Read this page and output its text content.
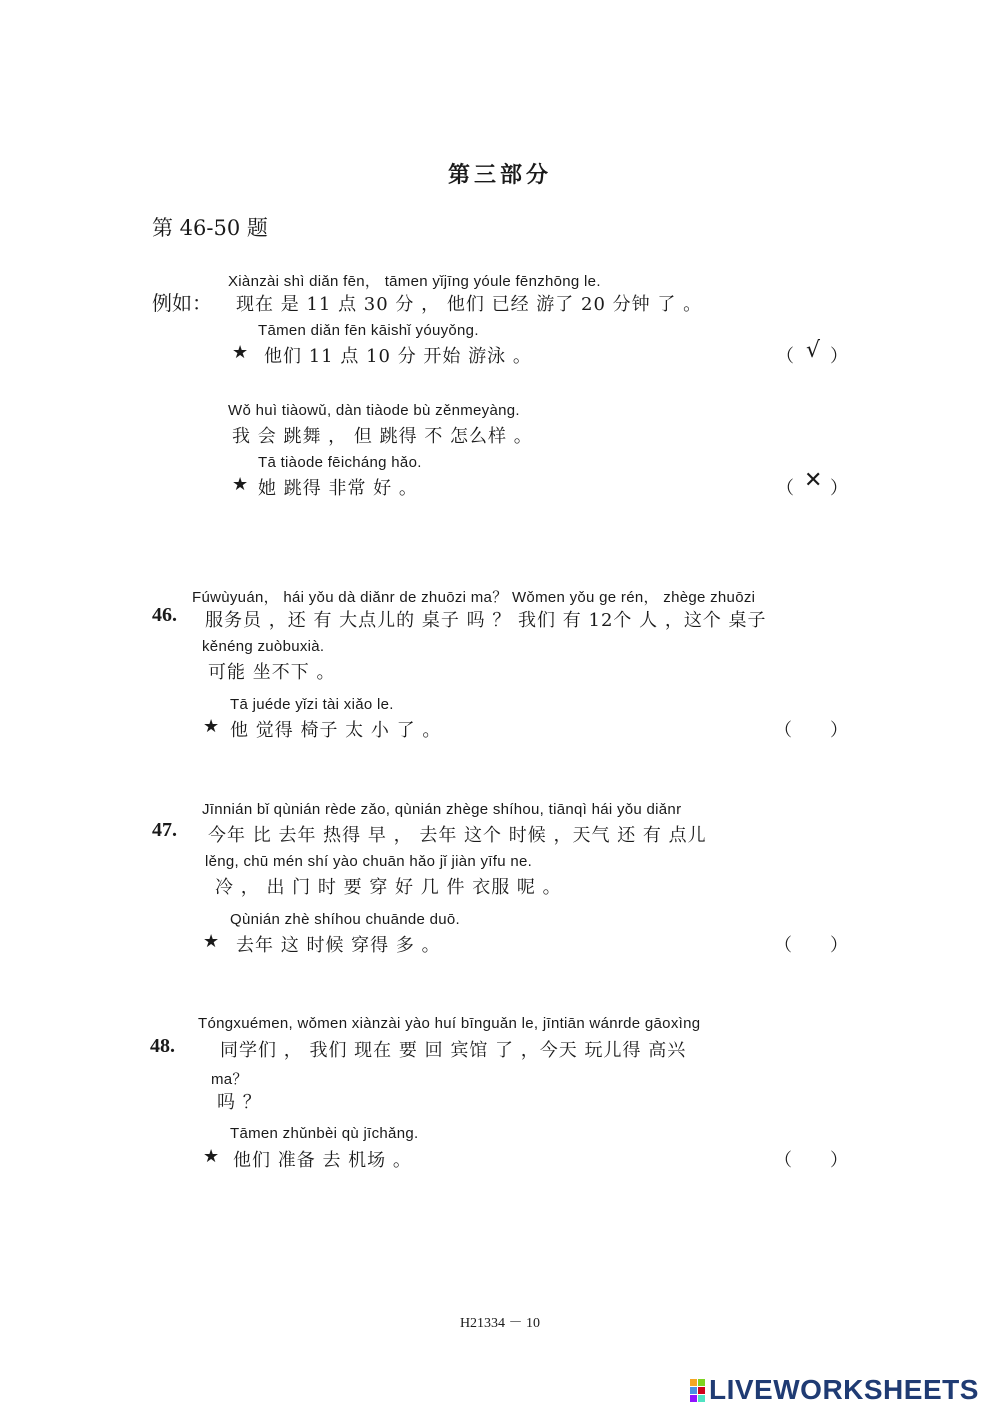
第三部分
第 46-50 题
Xiànzài shì diǎn fēn， tāmen yǐjīng yóule fēnzhōng le.
例如： 现在 是 11 点 30 分 ， 他们 已经 游了 20 分钟 了 。
Tāmen diǎn fēn kāishǐ yóuyǒng.
★ 他们 11 点 10 分 开始 游泳 。	（ √ ）
Wǒ huì tiàowǔ, dàn tiàode bù zěnmeyàng.
我 会 跳舞 ， 但 跳得 不 怎么样 。
Tā tiàode fēicháng hǎo.
★ 她 跳得 非常 好 。	（ ✕ ）
Fúwùyuán， hái yǒu dà diǎnr de zhuōzi ma？ Wǒmen yǒu ge rén， zhège zhuōzi
46. 服务员 ，还 有 大点儿的 桌子 吗 ？ 我们 有 12个 人 ，这个 桌子
kěnéng zuòbuxià.
可能 坐不下 。
Tā juéde yǐzi tài xiǎo le.
★ 他 觉得 椅子 太 小 了 。	（ ）
Jīnnián bǐ qùnián rède zǎo, qùnián zhège shíhou, tiānqì hái yǒu diǎnr
47. 今年 比 去年 热得 早 ， 去年 这个 时候 ，天气 还 有 点儿
lěng, chū mén shí yào chuān hǎo jǐ jiàn yīfu ne.
冷 ， 出 门 时 要 穿 好 几 件 衣服 呢 。
Qùnián zhè shíhou chuānde duō.
★ 去年 这 时候 穿得 多 。	（ ）
Tóngxuémen, wǒmen xiànzài yào huí bīnguǎn le, jīntiān wánrde gāoxìng
48.	同学们 ， 我们 现在 要 回 宾馆 了 ，今天 玩儿得 高兴
ma？
吗 ？
Tāmen zhǔnbèi qù jīchǎng.
★ 他们 准备 去 机场 。	（ ）
H21334 － 10
LIVEWORKSHEETS
